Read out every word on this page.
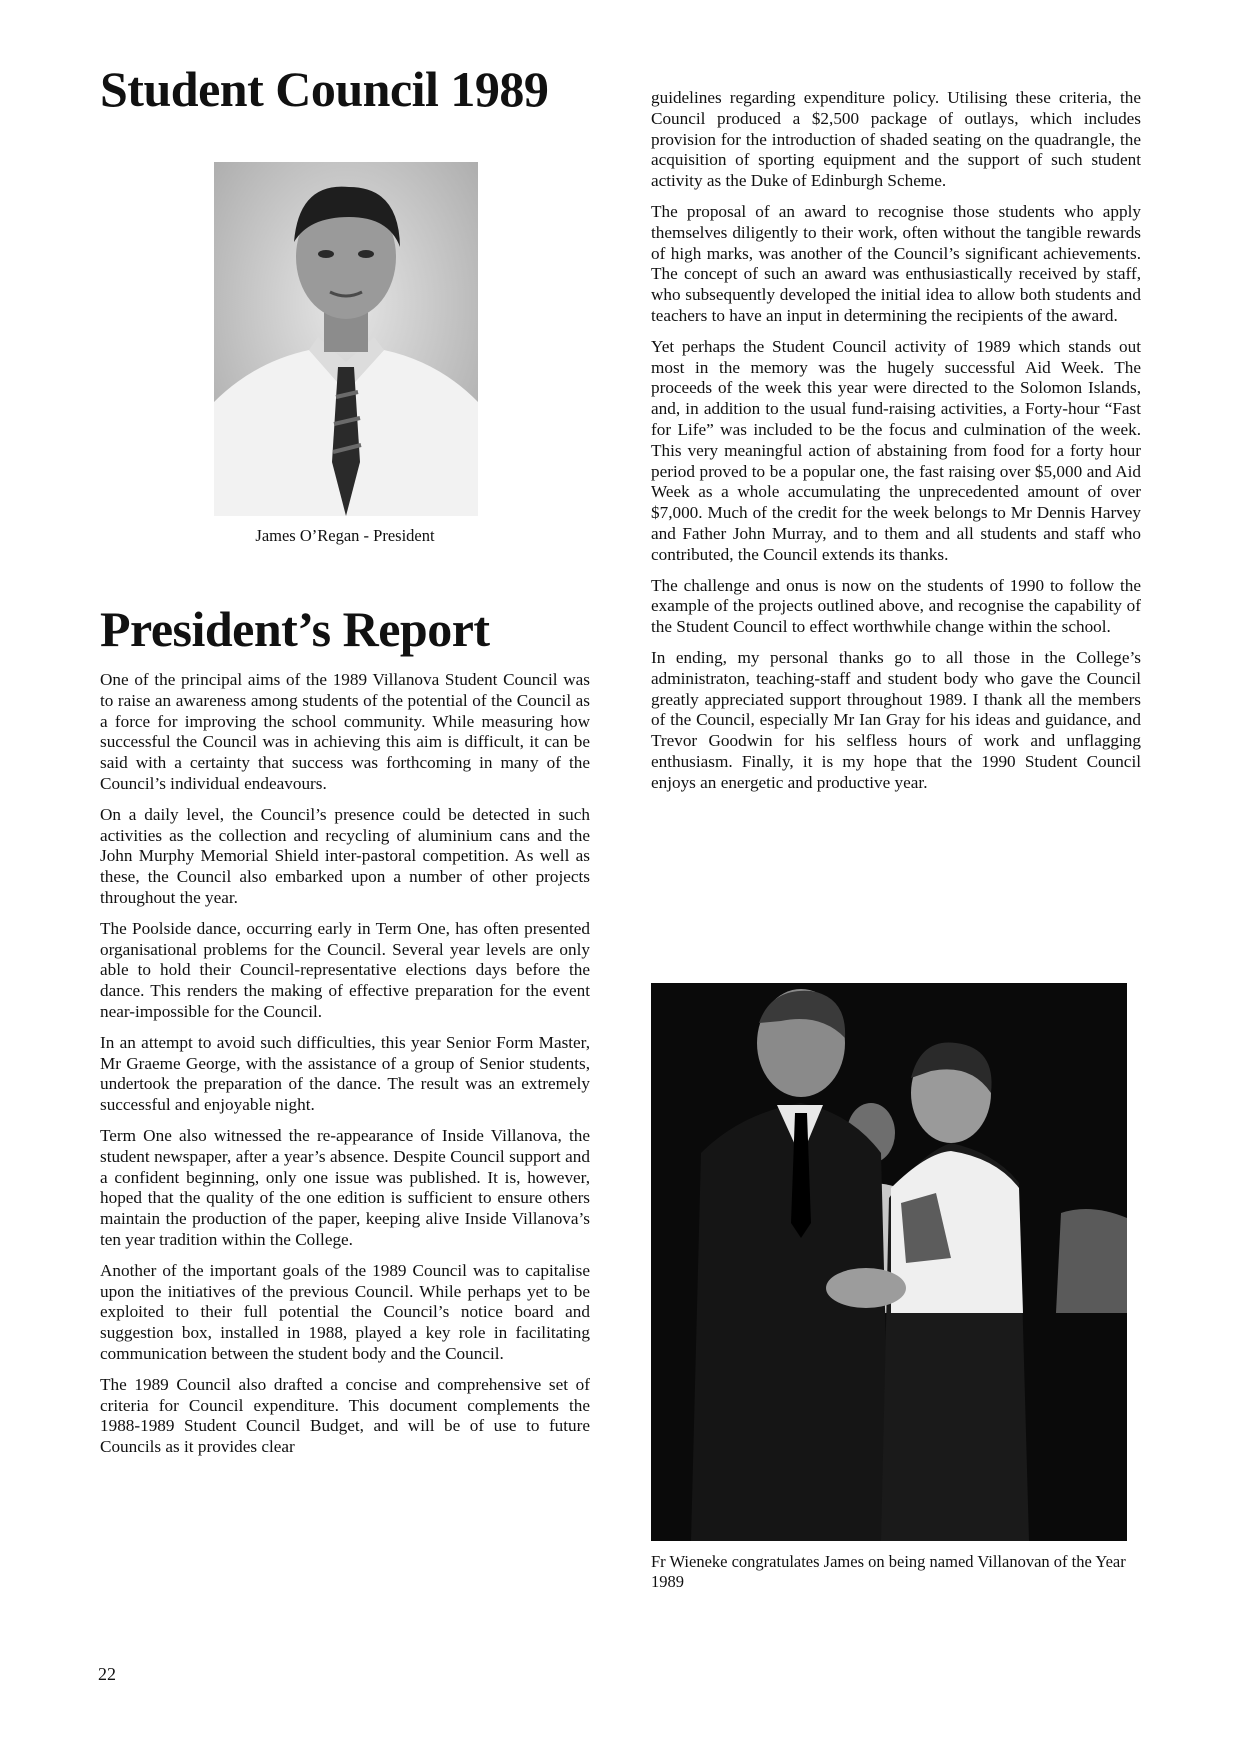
Student Council 1989
James O’Regan - President
President’s Report

One of the principal aims of the 1989 Villanova Student Council was to raise an awareness among students of the potential of the Council as a force for improving the school community. While measuring how successful the Council was in achieving this aim is difficult, it can be said with a certainty that success was forthcoming in many of the Council’s individual endeavours.

On a daily level, the Council’s presence could be detected in such activities as the collection and recycling of aluminium cans and the John Murphy Memorial Shield inter-pastoral competition. As well as these, the Council also embarked upon a number of other projects throughout the year.

The Poolside dance, occurring early in Term One, has often presented organisational problems for the Council. Several year levels are only able to hold their Council-representative elections days before the dance. This renders the making of effective preparation for the event near-impossible for the Council.

In an attempt to avoid such difficulties, this year Senior Form Master, Mr Graeme George, with the assistance of a group of Senior students, undertook the preparation of the dance. The result was an extremely successful and enjoyable night.

Term One also witnessed the re-appearance of Inside Villanova, the student newspaper, after a year’s absence. Despite Council support and a confident beginning, only one issue was published. It is, however, hoped that the quality of the one edition is sufficient to ensure others maintain the production of the paper, keeping alive Inside Villanova’s ten year tradition within the College.

Another of the important goals of the 1989 Council was to capitalise upon the initiatives of the previous Council. While perhaps yet to be exploited to their full potential the Council’s notice board and suggestion box, installed in 1988, played a key role in facilitating communication between the student body and the Council.

The 1989 Council also drafted a concise and comprehensive set of criteria for Council expenditure. This document complements the 1988-1989 Student Council Budget, and will be of use to future Councils as it provides clear

guidelines regarding expenditure policy. Utilising these criteria, the Council produced a $2,500 package of outlays, which includes provision for the introduction of shaded seating on the quadrangle, the acquisition of sporting equipment and the support of such student activity as the Duke of Edinburgh Scheme.

The proposal of an award to recognise those students who apply themselves diligently to their work, often without the tangible rewards of high marks, was another of the Council’s significant achievements. The concept of such an award was enthusiastically received by staff, who subsequently developed the initial idea to allow both students and teachers to have an input in determining the recipients of the award.

Yet perhaps the Student Council activity of 1989 which stands out most in the memory was the hugely successful Aid Week. The proceeds of the week this year were directed to the Solomon Islands, and, in addition to the usual fund-raising activities, a Forty-hour “Fast for Life” was included to be the focus and culmination of the week. This very meaningful action of abstaining from food for a forty hour period proved to be a popular one, the fast raising over $5,000 and Aid Week as a whole accumulating the unprecedented amount of over $7,000. Much of the credit for the week belongs to Mr Dennis Harvey and Father John Murray, and to them and all students and staff who contributed, the Council extends its thanks.

The challenge and onus is now on the students of 1990 to follow the example of the projects outlined above, and recognise the capability of the Student Council to effect worthwhile change within the school.

In ending, my personal thanks go to all those in the College’s administraton, teaching-staff and student body who gave the Council greatly appreciated support throughout 1989. I thank all the members of the Council, especially Mr Ian Gray for his ideas and guidance, and Trevor Goodwin for his selfless hours of work and unflagging enthusiasm. Finally, it is my hope that the 1990 Student Council enjoys an energetic and productive year.

Fr Wieneke congratulates James on being named Villanovan of the Year 1989
22
